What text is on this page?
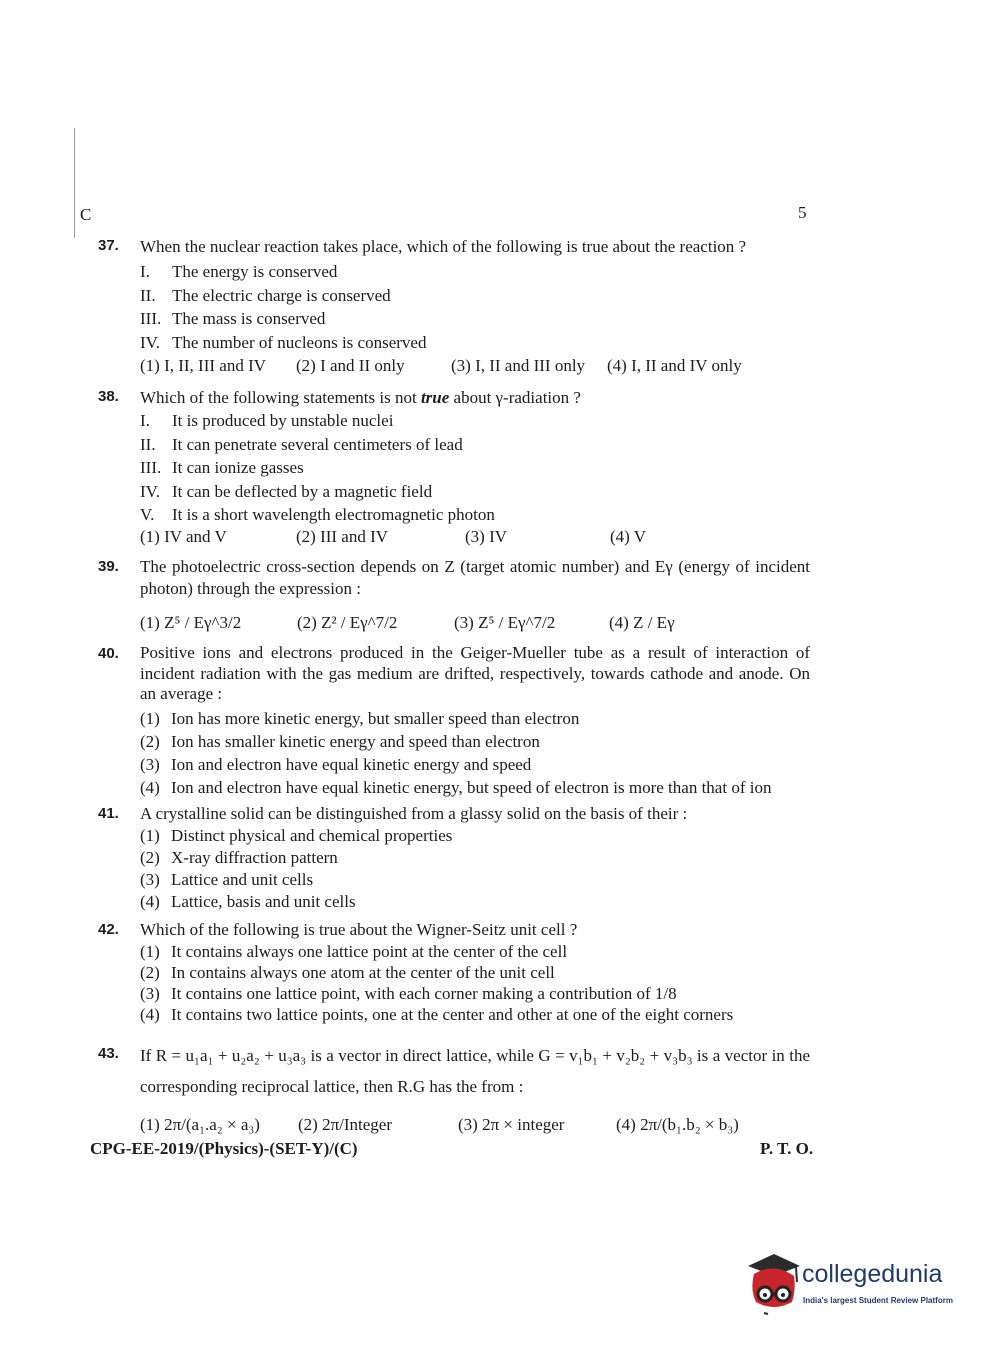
C	5
37.	When the nuclear reaction takes place, which of the following is true about the reaction ?
I.	The energy is conserved
II. The electric charge is conserved
III. The mass is conserved
IV. The number of nucleons is conserved
(1) I, II, III and IV	(2) I and II only	(3) I, II and III only	(4) I, II and IV only
38.	Which of the following statements is not true about γ-radiation ?
I.	It is produced by unstable nuclei
II. It can penetrate several centimeters of lead
III. It can ionize gasses
IV. It can be deflected by a magnetic field
V.	It is a short wavelength electromagnetic photon
(1) IV and V	(2) III and IV	(3) IV	(4) V
39.	The photoelectric cross-section depends on Z (target atomic number) and Eγ (energy of incident photon) through the expression :
(1) Z⁵ / Eγ^3/2	(2) Z² / Eγ^7/2	(3) Z⁵ / Eγ^7/2	(4) Z / Eγ
40.	Positive ions and electrons produced in the Geiger-Mueller tube as a result of interaction of incident radiation with the gas medium are drifted, respectively, towards cathode and anode. On an average :
(1) Ion has more kinetic energy, but smaller speed than electron
(2) Ion has smaller kinetic energy and speed than electron
(3) Ion and electron have equal kinetic energy and speed
(4) Ion and electron have equal kinetic energy, but speed of electron is more than that of ion
41.	A crystalline solid can be distinguished from a glassy solid on the basis of their :
(1) Distinct physical and chemical properties
(2) X-ray diffraction pattern
(3) Lattice and unit cells
(4) Lattice, basis and unit cells
42.	Which of the following is true about the Wigner-Seitz unit cell ?
(1) It contains always one lattice point at the center of the cell
(2) In contains always one atom at the center of the unit cell
(3) It contains one lattice point, with each corner making a contribution of 1/8
(4) It contains two lattice points, one at the center and other at one of the eight corners
43.	If R = u₁a₁ + u₂a₂ + u₃a₃ is a vector in direct lattice, while G = v₁b₁ + v₂b₂ + v₃b₃ is a vector in the corresponding reciprocal lattice, then R.G has the from :
(1) 2π/(a₁.a₂ × a₃)	(2) 2π/Integer	(3) 2π × integer	(4) 2π/(b₁.b₂ × b₃)
CPG-EE-2019/(Physics)-(SET-Y)/(C)	P. T. O.
collegedunia
India's largest Student Review Platform
